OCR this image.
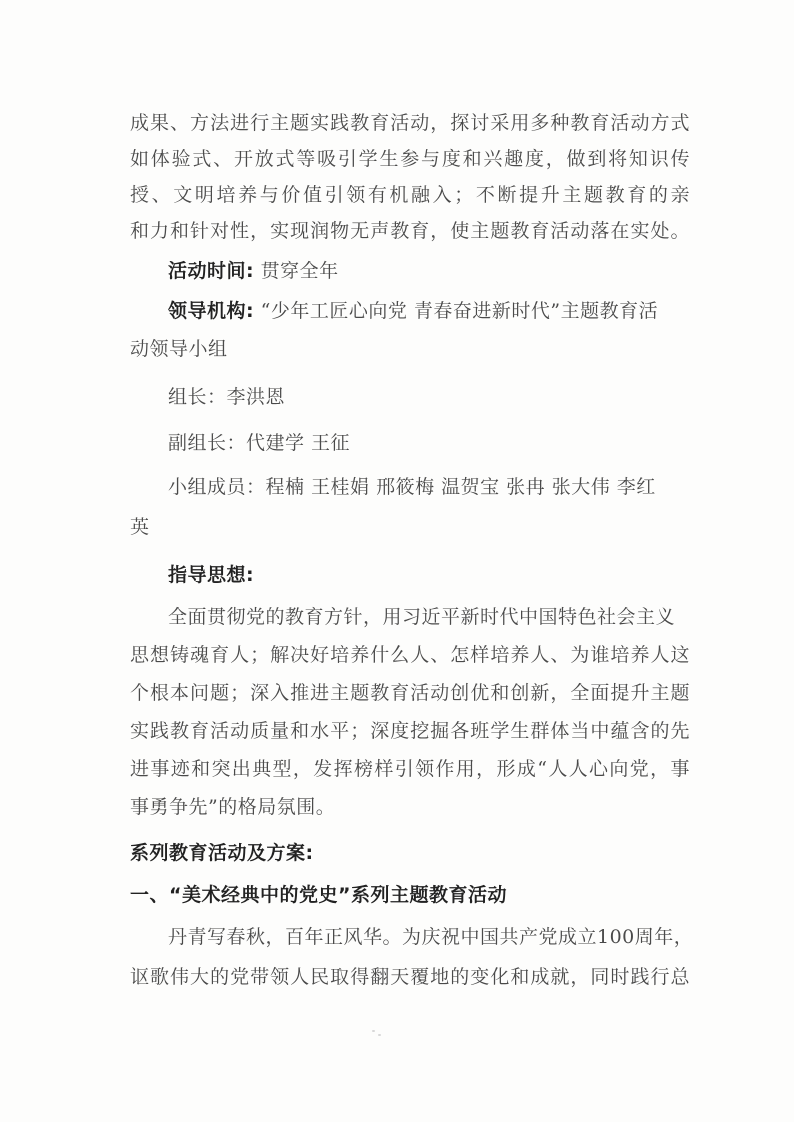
成果、方法进行主题实践教育活动，探讨采用多种教育活动方式
如体验式、开放式等吸引学生参与度和兴趣度，做到将知识传
授、文明培养与价值引领有机融入；不断提升主题教育的亲
和力和针对性，实现润物无声教育，使主题教育活动落在实处。
活动时间: 贯穿全年
领导机构: “少年工匠心向党 青春奋进新时代”主题教育活
动领导小组
组长：李洪恩
副组长：代建学 王征
小组成员：程楠 王桂娟 邢筱梅 温贺宝 张冉 张大伟 李红
英
指导思想:
全面贯彻党的教育方针，用习近平新时代中国特色社会主义
思想铸魂育人；解决好培养什么人、怎样培养人、为谁培养人这
个根本问题；深入推进主题教育活动创优和创新，全面提升主题
实践教育活动质量和水平；深度挖掘各班学生群体当中蕴含的先
进事迹和突出典型，发挥榜样引领作用，形成“人人心向党，事
事勇争先”的格局氛围。
系列教育活动及方案:
一、“美术经典中的党史”系列主题教育活动
丹青写春秋，百年正风华。为庆祝中国共产党成立100周年，
讴歌伟大的党带领人民取得翻天覆地的变化和成就，同时践行总
